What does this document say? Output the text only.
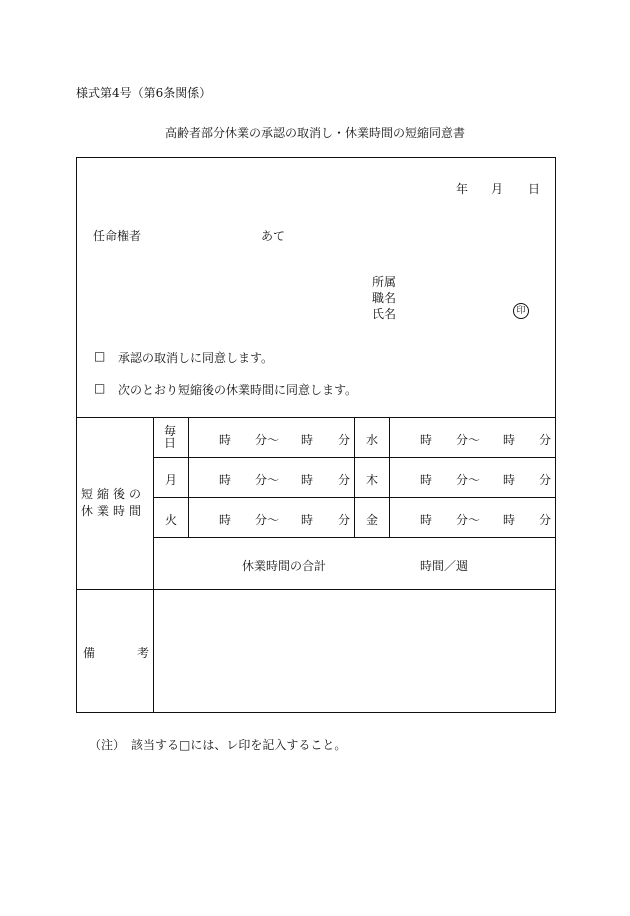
様式第4号（第6条関係）
高齢者部分休業の承認の取消し・休業時間の短縮同意書
年 月 日
任命権者	あて
所属
職名
氏名	印
□ 承認の取消しに同意します。
□ 次のとおり短縮後の休業時間に同意します。
短縮後の
休業時間
毎
日	時 分〜 時 分 水	時 分〜 時 分
月	時 分〜 時 分 木	時 分〜 時 分
火	時 分〜 時 分 金	時 分〜 時 分
休業時間の合計	時間／週
備	考
（注）　該当する□には、レ印を記入すること。
